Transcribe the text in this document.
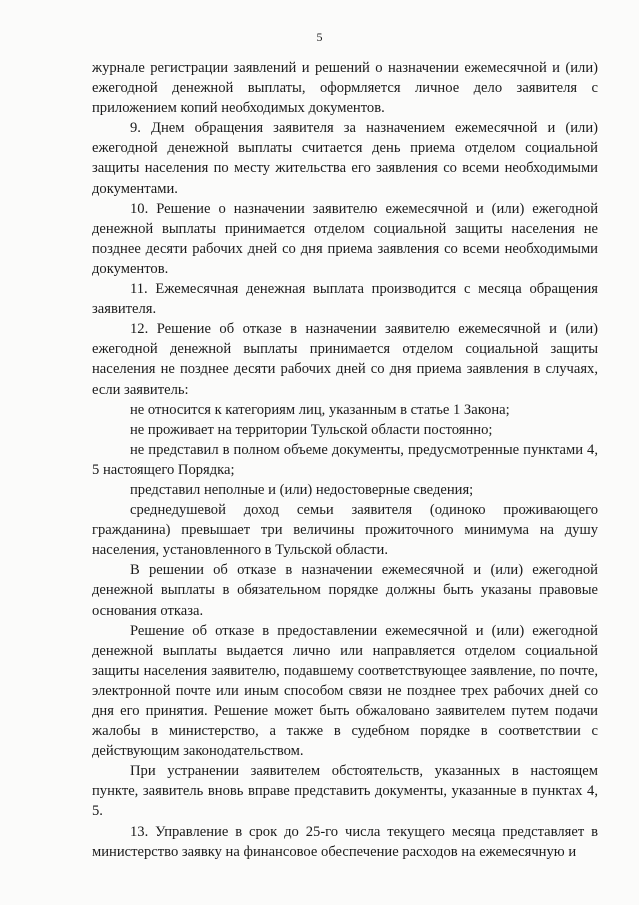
5

журнале регистрации заявлений и решений о назначении ежемесячной и (или) ежегодной денежной выплаты, оформляется личное дело заявителя с приложением копий необходимых документов.

9. Днем обращения заявителя за назначением ежемесячной и (или) ежегодной денежной выплаты считается день приема отделом социальной защиты населения по месту жительства его заявления со всеми необходимыми документами.

10. Решение о назначении заявителю ежемесячной и (или) ежегодной денежной выплаты принимается отделом социальной защиты населения не позднее десяти рабочих дней со дня приема заявления со всеми необходимыми документов.

11. Ежемесячная денежная выплата производится с месяца обращения заявителя.

12. Решение об отказе в назначении заявителю ежемесячной и (или) ежегодной денежной выплаты принимается отделом социальной защиты населения не позднее десяти рабочих дней со дня приема заявления в случаях, если заявитель:

не относится к категориям лиц, указанным в статье 1 Закона;

не проживает на территории Тульской области постоянно;

не представил в полном объеме документы, предусмотренные пунктами 4, 5 настоящего Порядка;

представил неполные и (или) недостоверные сведения;

среднедушевой доход семьи заявителя (одиноко проживающего гражданина) превышает три величины прожиточного минимума на душу населения, установленного в Тульской области.

В решении об отказе в назначении ежемесячной и (или) ежегодной денежной выплаты в обязательном порядке должны быть указаны правовые основания отказа.

Решение об отказе в предоставлении ежемесячной и (или) ежегодной денежной выплаты выдается лично или направляется отделом социальной защиты населения заявителю, подавшему соответствующее заявление, по почте, электронной почте или иным способом связи не позднее трех рабочих дней со дня его принятия. Решение может быть обжаловано заявителем путем подачи жалобы в министерство, а также в судебном порядке в соответствии с действующим законодательством.

При устранении заявителем обстоятельств, указанных в настоящем пункте, заявитель вновь вправе представить документы, указанные в пунктах 4, 5.

13. Управление в срок до 25-го числа текущего месяца представляет в министерство заявку на финансовое обеспечение расходов на ежемесячную и
